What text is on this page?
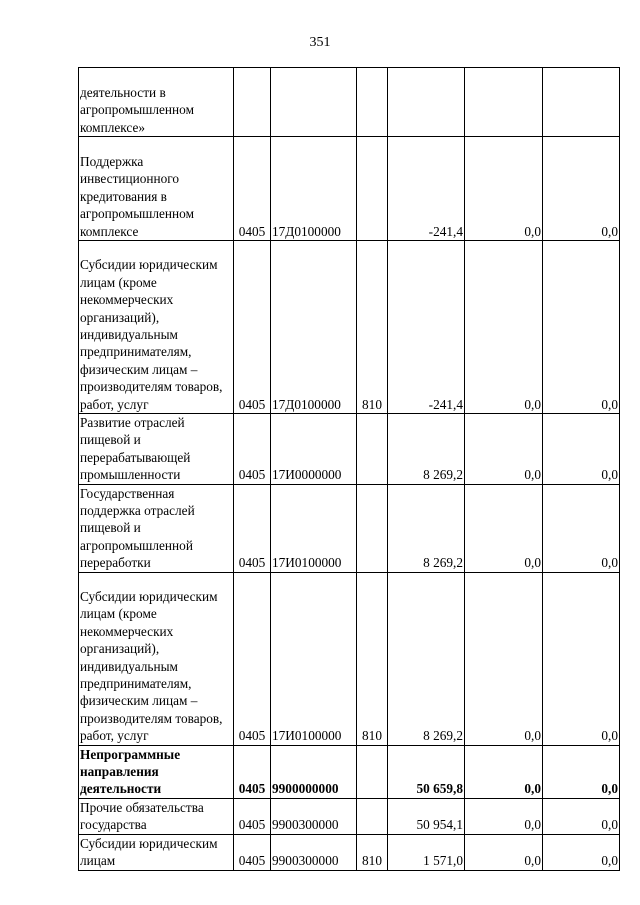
351
деятельности в агропромышленном комплексе»						
Поддержка инвестиционного кредитования в агропромышленном комплексе	0405	17Д0100000		-241,4	0,0	0,0
Субсидии юридическим лицам (кроме некоммерческих организаций), индивидуальным предпринимателям, физическим лицам – производителям товаров, работ, услуг	0405	17Д0100000	810	-241,4	0,0	0,0
Развитие отраслей пищевой и перерабатывающей промышленности	0405	17И0000000		8 269,2	0,0	0,0
Государственная поддержка отраслей пищевой и агропромышленной переработки	0405	17И0100000		8 269,2	0,0	0,0
Субсидии юридическим лицам (кроме некоммерческих организаций), индивидуальным предпринимателям, физическим лицам – производителям товаров, работ, услуг	0405	17И0100000	810	8 269,2	0,0	0,0
Непрограммные направления деятельности	0405	9900000000		50 659,8	0,0	0,0
Прочие обязательства государства	0405	9900300000		50 954,1	0,0	0,0
Субсидии юридическим лицам	0405	9900300000	810	1 571,0	0,0	0,0
